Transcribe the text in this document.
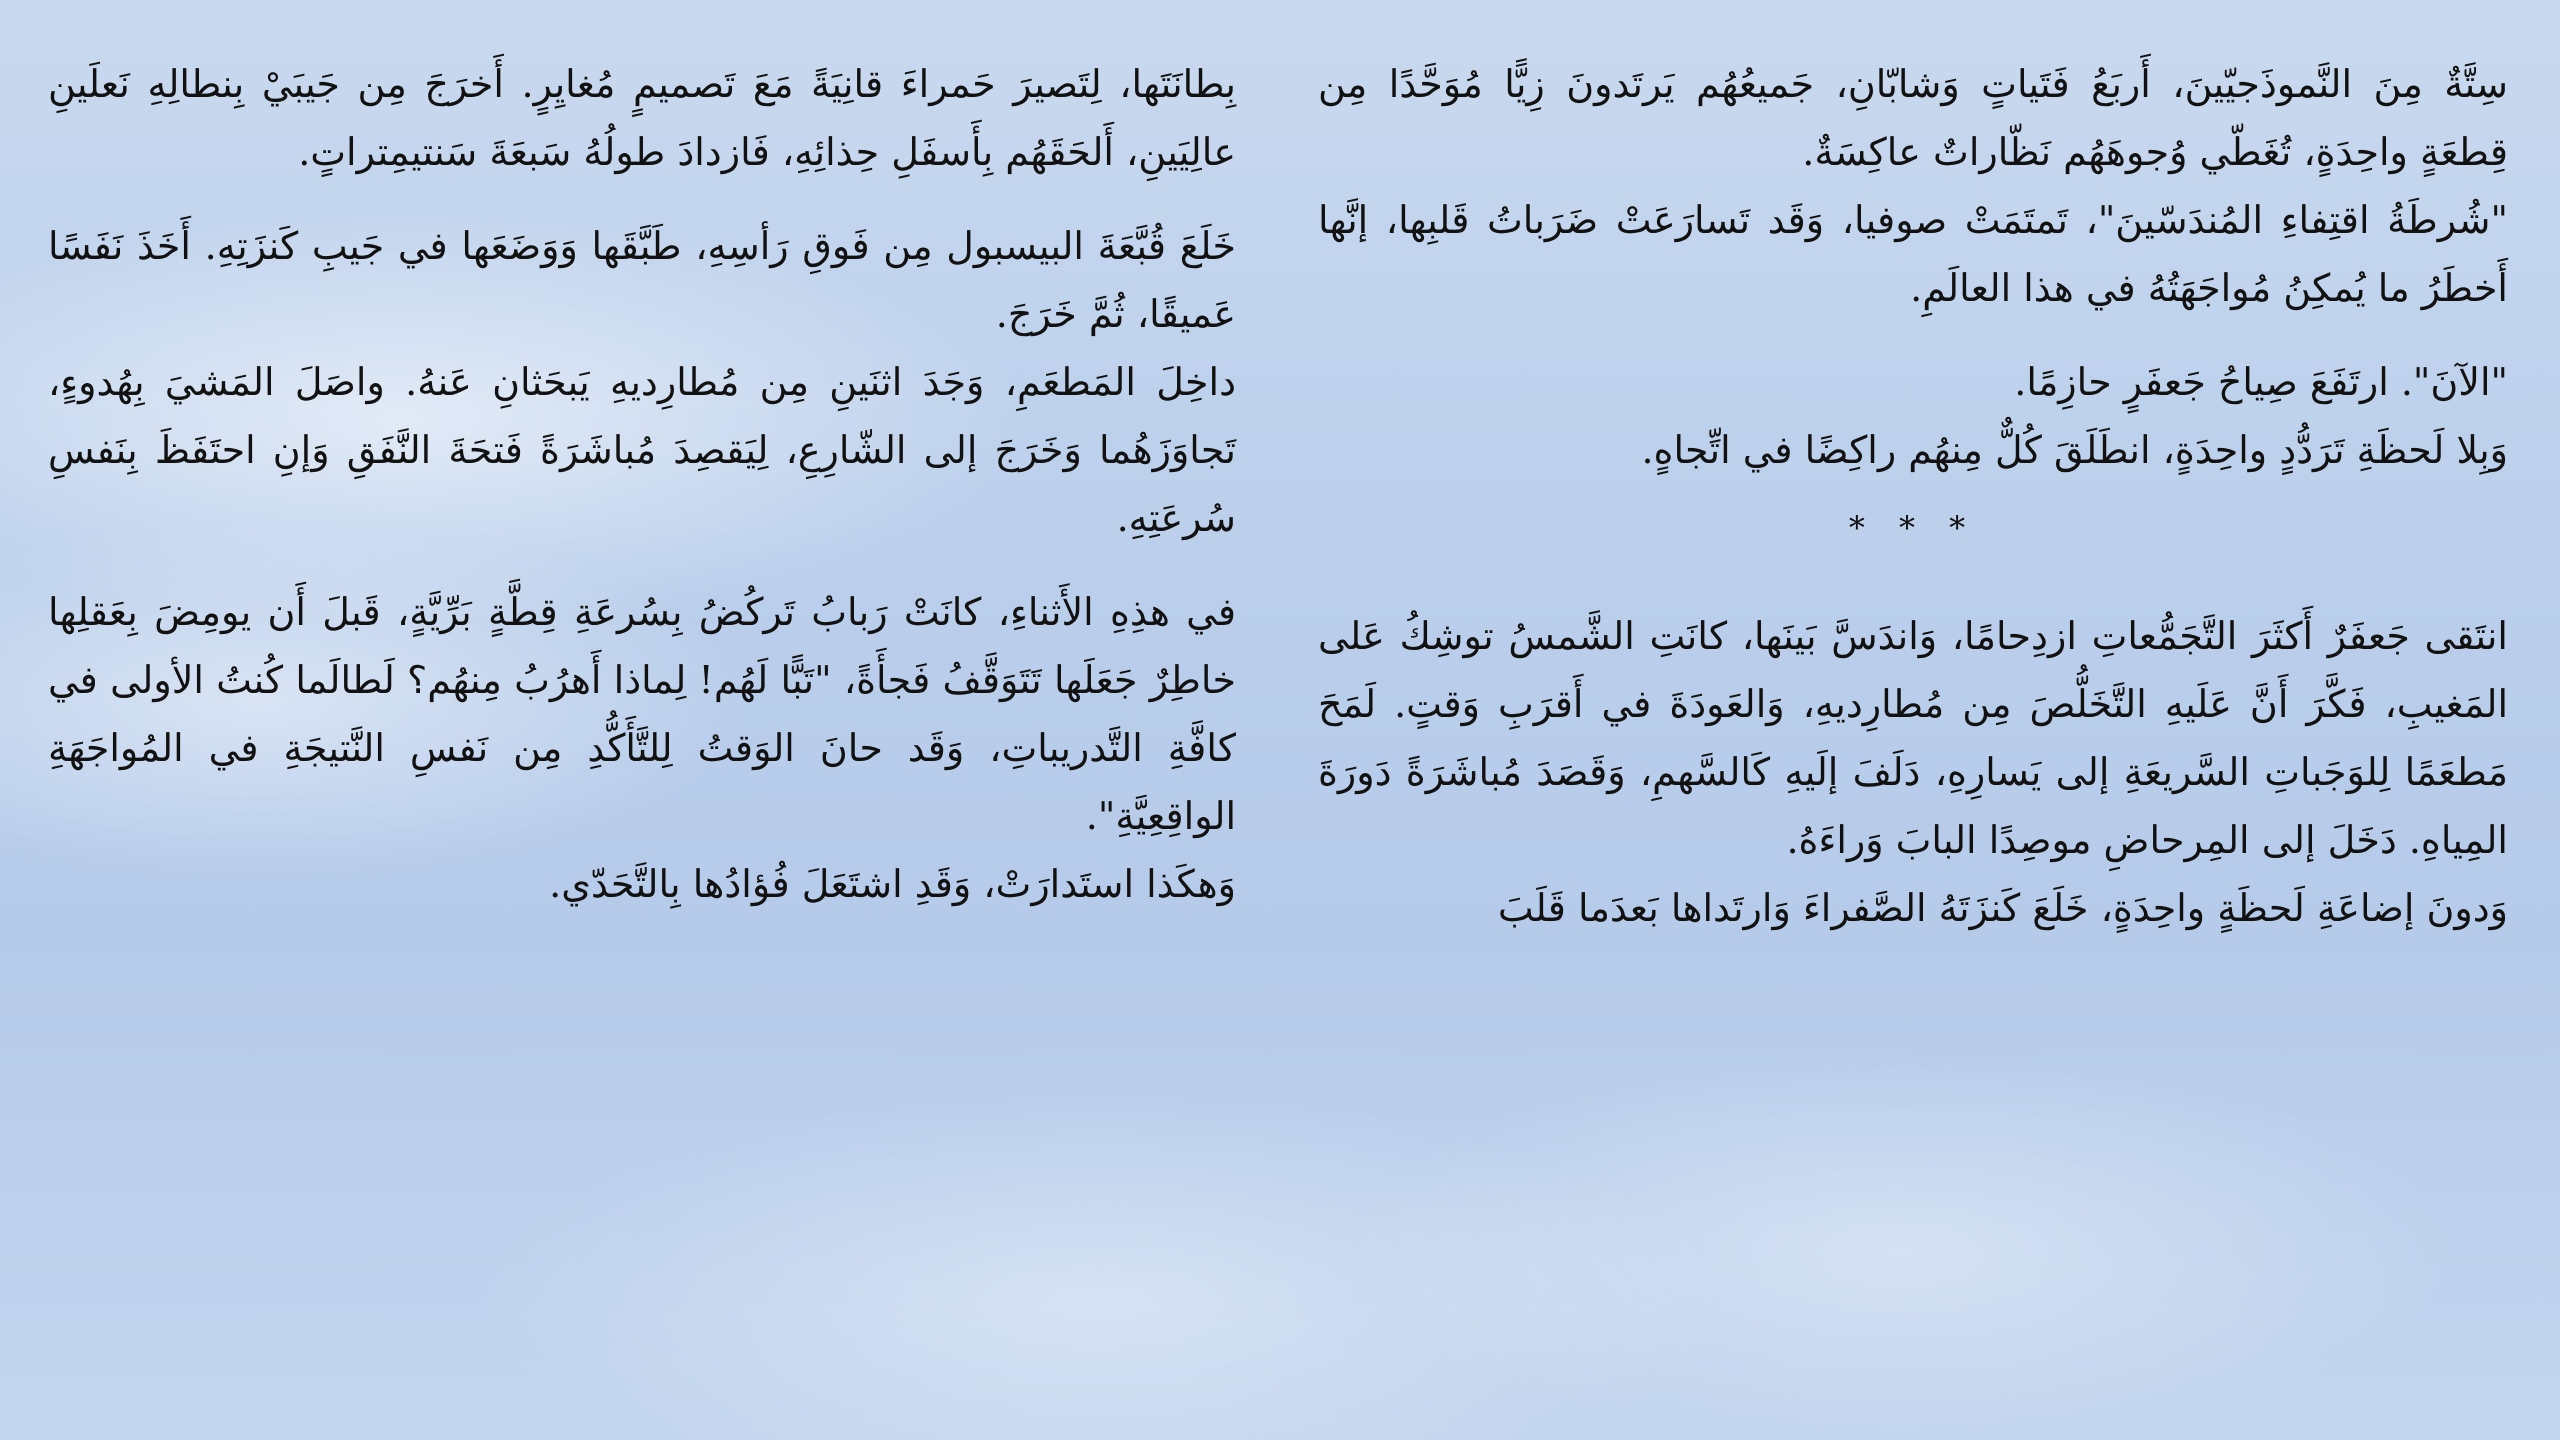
سِتَّةٌ مِنَ النَّموذَجيّينَ، أَربَعُ فَتَياتٍ وَشابّانِ، جَميعُهُم يَرتَدونَ زِيًّا مُوَحَّدًا مِن قِطعَةٍ واحِدَةٍ، تُغَطّي وُجوهَهُم نَظّاراتٌ عاكِسَةٌ.

"شُرطَةُ اقتِفاءِ المُندَسّينَ"، تَمتَمَتْ صوفيا، وَقَد تَسارَعَتْ ضَرَباتُ قَلبِها، إنَّها أَخطَرُ ما يُمكِنُ مُواجَهَتُهُ في هذا العالَمِ.

"الآنَ". ارتَفَعَ صِياحُ جَعفَرٍ حازِمًا.

وَبِلا لَحظَةِ تَرَدُّدٍ واحِدَةٍ، انطَلَقَ كُلٌّ مِنهُم راكِضًا في اتِّجاهٍ.

* * *

انتَقى جَعفَرٌ أَكثَرَ التَّجَمُّعاتِ ازدِحامًا، وَاندَسَّ بَينَها، كانَتِ الشَّمسُ توشِكُ عَلى المَغيبِ، فَكَّرَ أَنَّ عَلَيهِ التَّخَلُّصَ مِن مُطارِديهِ، وَالعَودَةَ في أَقرَبِ وَقتٍ. لَمَحَ مَطعَمًا لِلوَجَباتِ السَّريعَةِ إلى يَسارِهِ، دَلَفَ إلَيهِ كَالسَّهمِ، وَقَصَدَ مُباشَرَةً دَورَةَ المِياهِ. دَخَلَ إلى المِرحاضِ موصِدًا البابَ وَراءَهُ.

وَدونَ إضاعَةِ لَحظَةٍ واحِدَةٍ، خَلَعَ كَنزَتَهُ الصَّفراءَ وَارتَداها بَعدَما قَلَبَ

بِطانَتَها، لِتَصيرَ حَمراءَ قانِيَةً مَعَ تَصميمٍ مُغايِرٍ. أَخرَجَ مِن جَيبَيْ بِنطالِهِ نَعلَينِ عالِيَينِ، أَلحَقَهُم بِأَسفَلِ حِذائِهِ، فَازدادَ طولُهُ سَبعَةَ سَنتيمِتراتٍ.

خَلَعَ قُبَّعَةَ البيسبول مِن فَوقِ رَأسِهِ، طَبَّقَها وَوَضَعَها في جَيبِ كَنزَتِهِ. أَخَذَ نَفَسًا عَميقًا، ثُمَّ خَرَجَ.

داخِلَ المَطعَمِ، وَجَدَ اثنَينِ مِن مُطارِديهِ يَبحَثانِ عَنهُ. واصَلَ المَشيَ بِهُدوءٍ، تَجاوَزَهُما وَخَرَجَ إلى الشّارِعِ، لِيَقصِدَ مُباشَرَةً فَتحَةَ النَّفَقِ وَإنِ احتَفَظَ بِنَفسِ سُرعَتِهِ.

في هذِهِ الأَثناءِ، كانَتْ رَبابُ تَركُضُ بِسُرعَةِ قِطَّةٍ بَرِّيَّةٍ، قَبلَ أَن يومِضَ بِعَقلِها خاطِرٌ جَعَلَها تَتَوَقَّفُ فَجأَةً، "تَبًّا لَهُم! لِماذا أَهرُبُ مِنهُم؟ لَطالَما كُنتُ الأولى في كافَّةِ التَّدريباتِ، وَقَد حانَ الوَقتُ لِلتَّأَكُّدِ مِن نَفسِ النَّتيجَةِ في المُواجَهَةِ الواقِعِيَّةِ".

وَهكَذا استَدارَتْ، وَقَدِ اشتَعَلَ فُؤادُها بِالتَّحَدّي.
